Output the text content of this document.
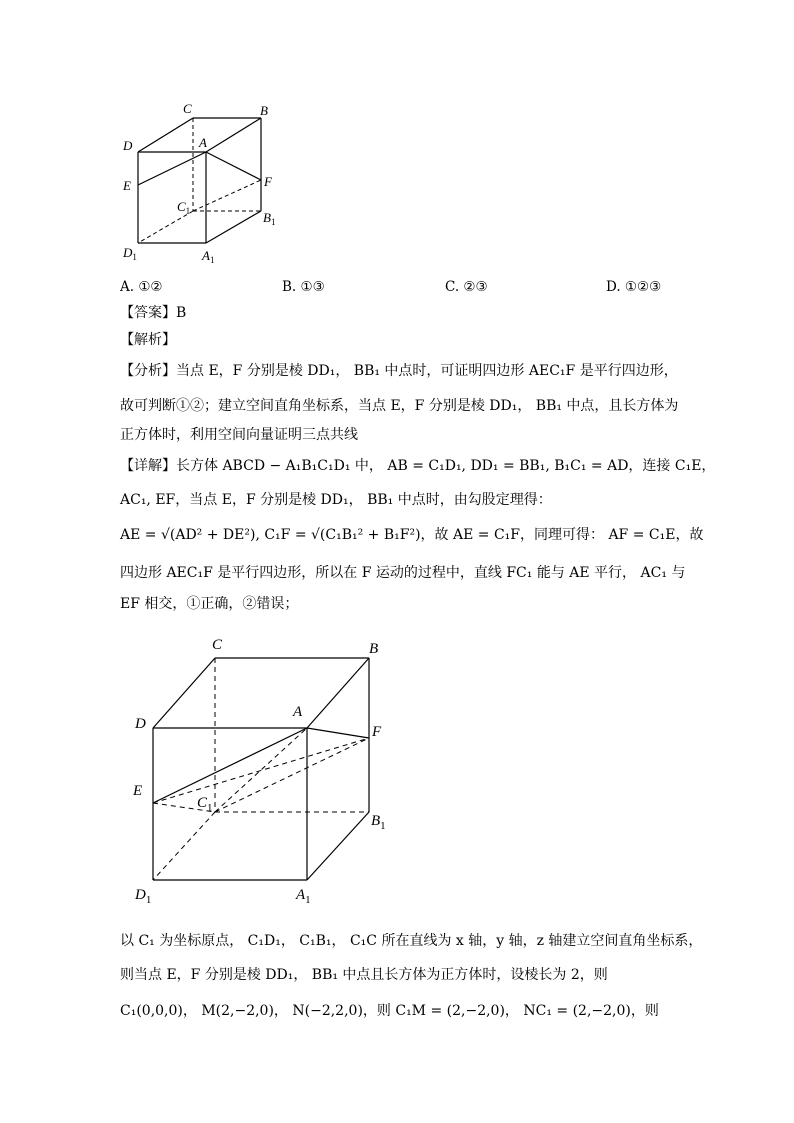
C	B
D	A
E	F
$C_1$	$B_1$
$D_1$	$A_1$
A. ①②	B. ①③	C. ②③	D. ①②③
【答案】B
【解析】
【分析】当点 E，F 分别是棱 DD₁， BB₁ 中点时，可证明四边形 AEC₁F 是平行四边形，
故可判断①②；建立空间直角坐标系，当点 E，F 分别是棱 DD₁， BB₁ 中点，且长方体为
正方体时，利用空间向量证明三点共线
【详解】长方体 ABCD − A₁B₁C₁D₁ 中， AB = C₁D₁, DD₁ = BB₁, B₁C₁ = AD，连接 C₁E，
AC₁, EF，当点 E，F 分别是棱 DD₁， BB₁ 中点时，由勾股定理得：
AE = √(AD² + DE²), C₁F = √(C₁B₁² + B₁F²)，故 AE = C₁F，同理可得： AF = C₁E，故
四边形 AEC₁F 是平行四边形，所以在 F 运动的过程中，直线 FC₁ 能与 AE 平行， AC₁ 与
EF 相交，①正确，②错误；
C	B
D
A
F
E
$C_1$
$B_1$
$D_1$	$A_1$
以 C₁ 为坐标原点， C₁D₁， C₁B₁， C₁C 所在直线为 x 轴，y 轴，z 轴建立空间直角坐标系，
则当点 E，F 分别是棱 DD₁， BB₁ 中点且长方体为正方体时，设棱长为 2，则
C₁(0,0,0)， M(2,−2,0)， N(−2,2,0)，则 C₁M = (2,−2,0)， NC₁ = (2,−2,0)，则
